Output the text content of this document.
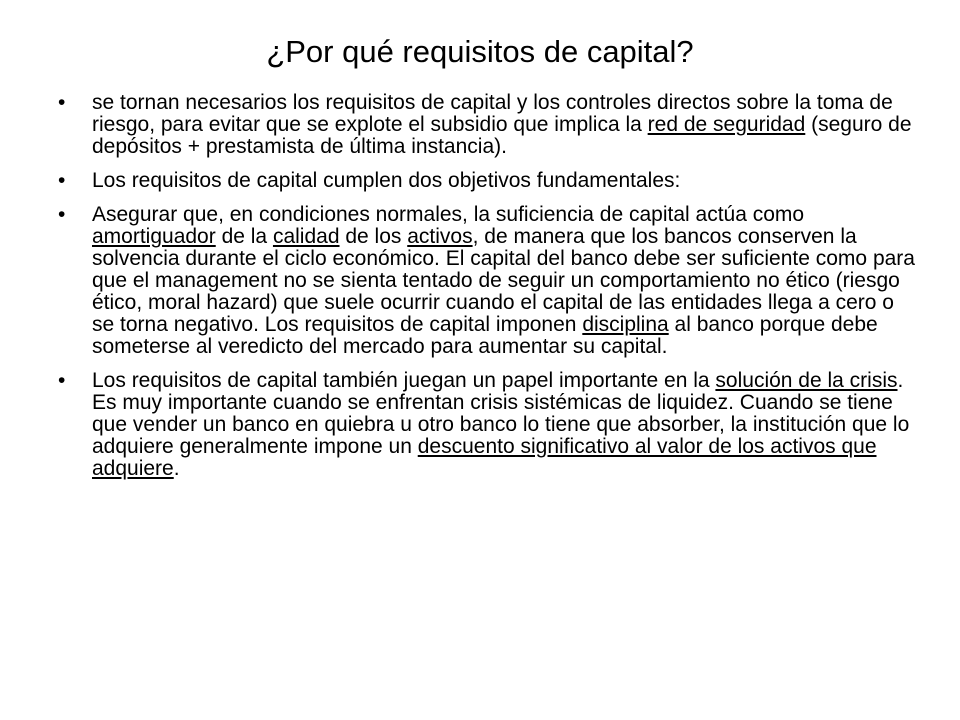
¿Por qué requisitos de capital?
•	se tornan necesarios los requisitos de capital y los controles directos sobre la toma de riesgo, para evitar que se explote el subsidio que implica la red de seguridad (seguro de depósitos + prestamista de última instancia).
•	Los requisitos de capital cumplen dos objetivos fundamentales:
•	Asegurar que, en condiciones normales, la suficiencia de capital actúa como amortiguador de la calidad de los activos, de manera que los bancos conserven la solvencia durante el ciclo económico. El capital del banco debe ser suficiente como para que el management no se sienta tentado de seguir un comportamiento no ético (riesgo ético, moral hazard) que suele ocurrir cuando el capital de las entidades llega a cero o se torna negativo. Los requisitos de capital imponen disciplina al banco porque debe someterse al veredicto del mercado para aumentar su capital.
•	Los requisitos de capital también juegan un papel importante en la solución de la crisis. Es muy importante cuando se enfrentan crisis sistémicas de liquidez. Cuando se tiene que vender un banco en quiebra u otro banco lo tiene que absorber, la institución que lo adquiere generalmente impone un descuento significativo al valor de los activos que adquiere.
